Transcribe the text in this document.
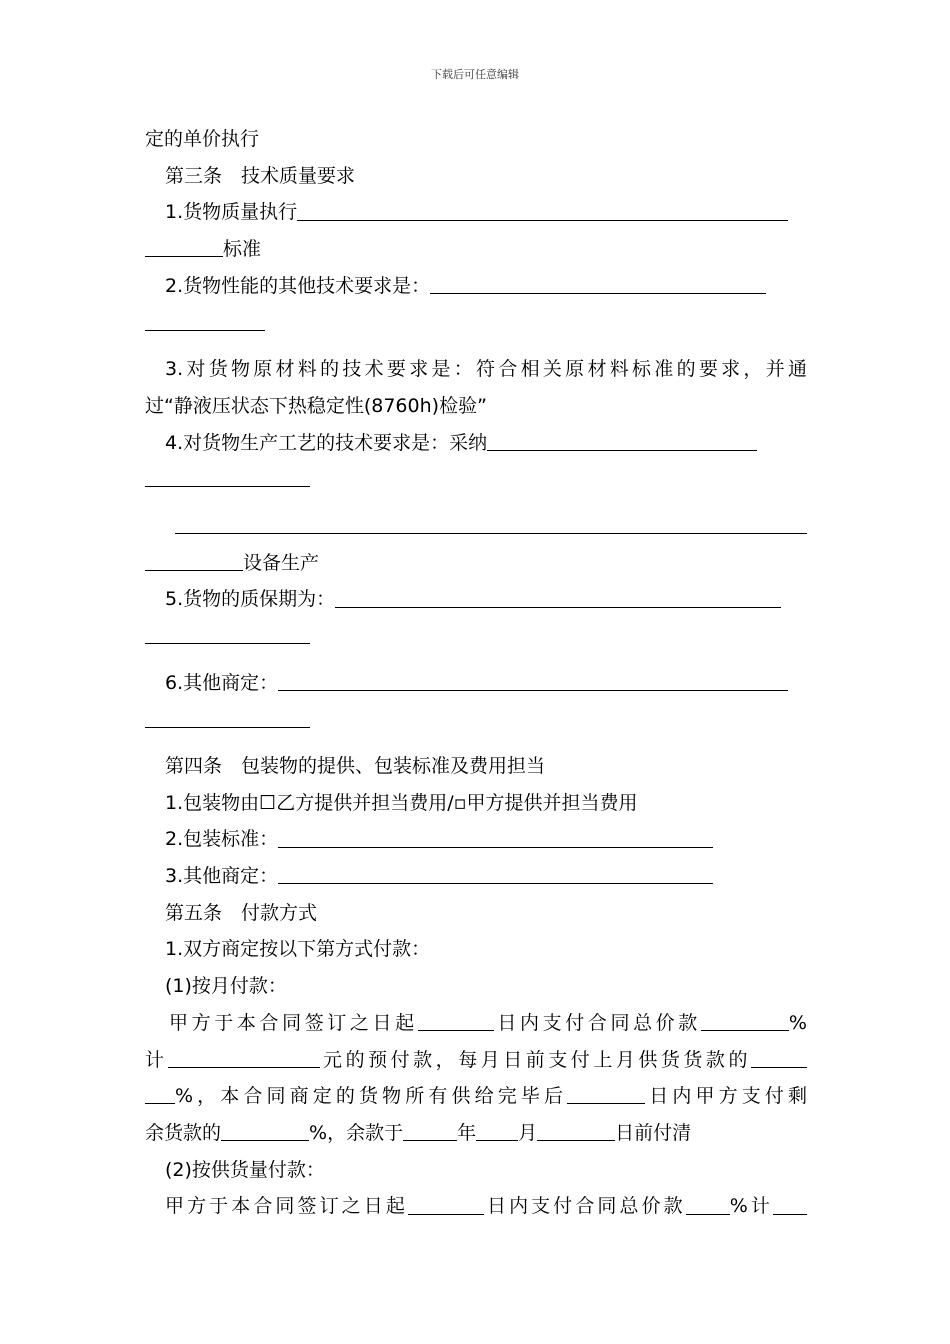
下载后可任意编辑
定的单价执行
第三条　技术质量要求
1.货物质量执行
标准
2.货物性能的其他技术要求是：
3.对货物原材料的技术要求是：符合相关原材料标准的要求，并通
过“静液压状态下热稳定性(8760h)检验”
4.对货物生产工艺的技术要求是：采纳
设备生产
5.货物的质保期为：
6.其他商定：
第四条　包装物的提供、包装标准及费用担当
1.包装物由☐乙方提供并担当费用/▫甲方提供并担当费用
2.包装标准：
3.其他商定：
第五条　付款方式
1.双方商定按以下第方式付款：
(1)按月付款：
甲方于本合同签订之日起	日内支付合同总价款	%
计	元的预付款，每月日前支付上月供货货款的
%，本合同商定的货物所有供给完毕后	日内甲方支付剩
余货款的	%，余款于	年 月	日前付清
(2)按供货量付款：
甲方于本合同签订之日起	日内支付合同总价款 %计
